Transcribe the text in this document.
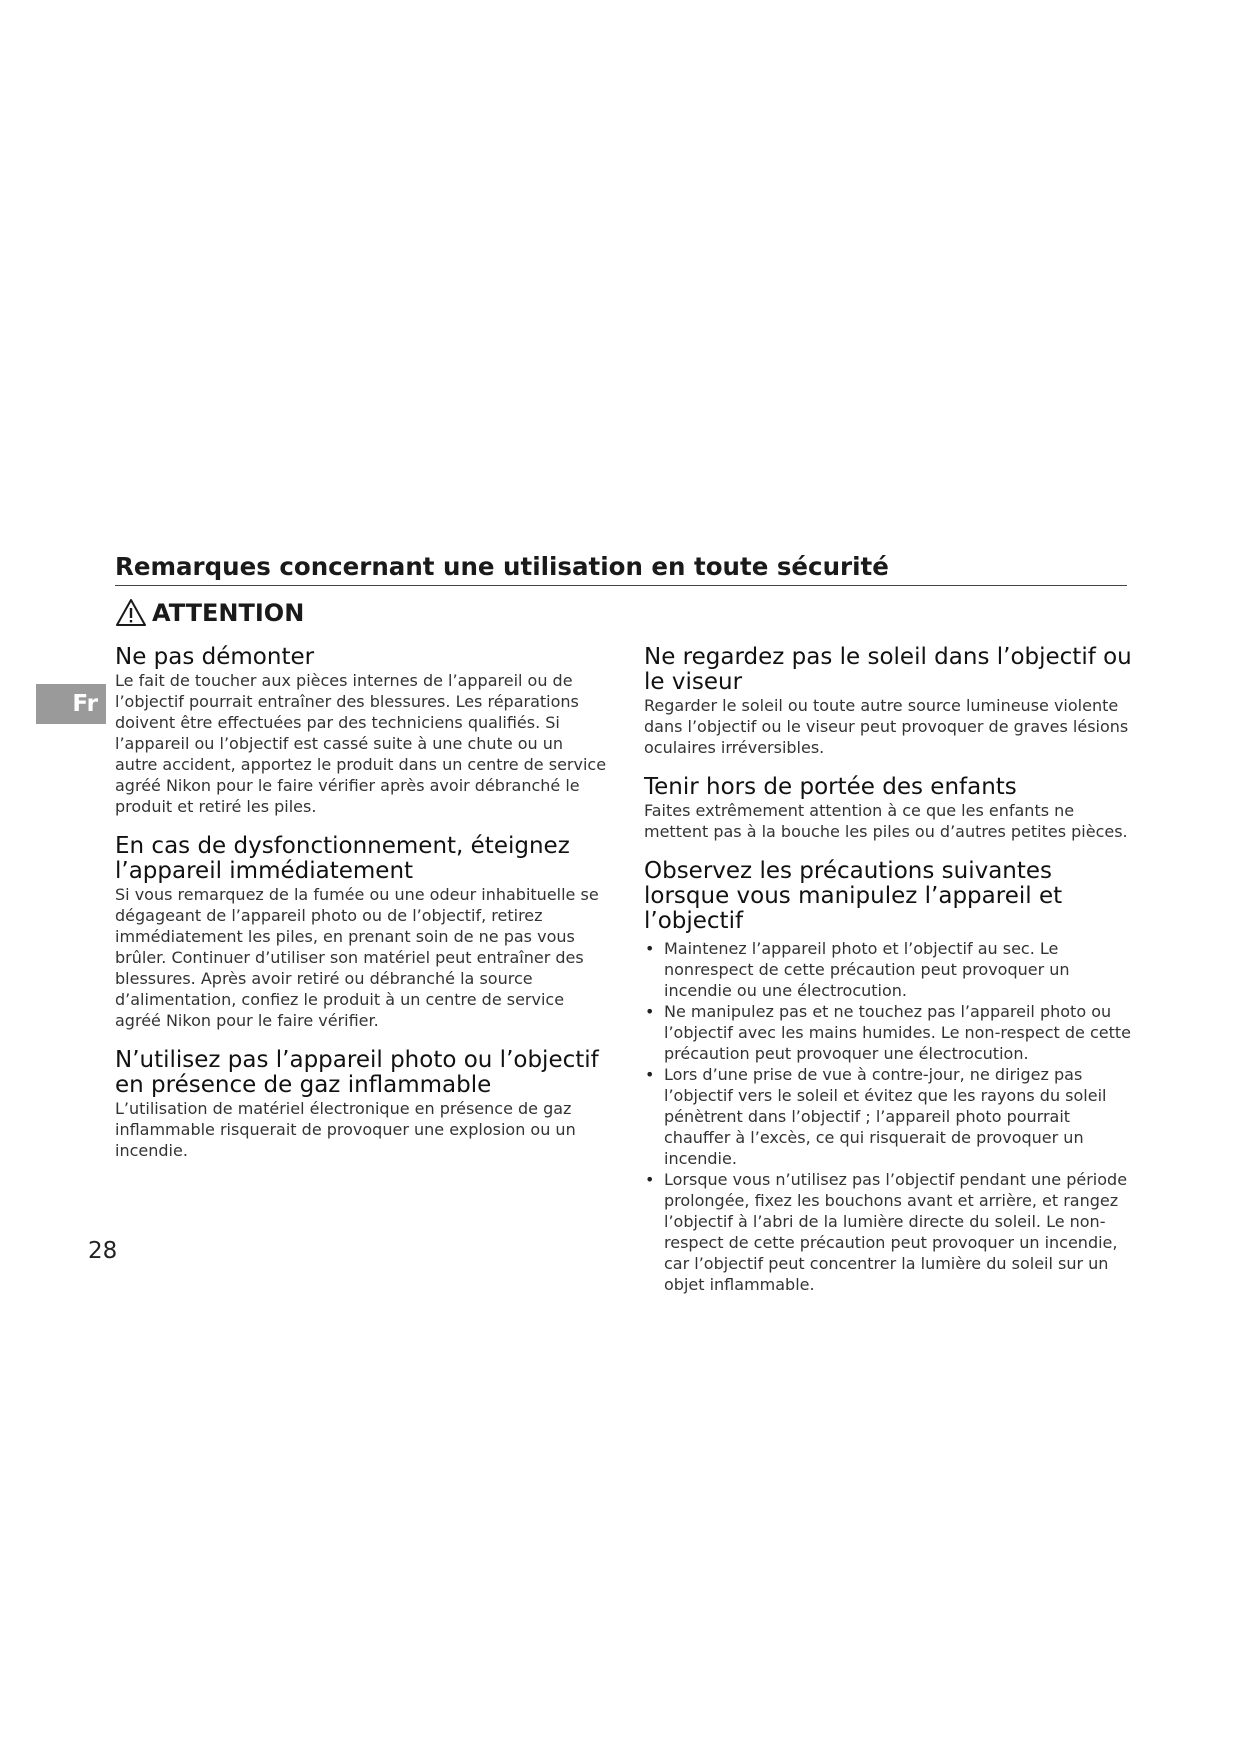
Remarques concernant une utilisation en toute sécurité
ATTENTION
Fr
Ne pas démonter

Le fait de toucher aux pièces internes de l’appareil ou de l’objectif pourrait entraîner des blessures. Les réparations doivent être effectuées par des techniciens qualifiés. Si l’appareil ou l’objectif est cassé suite à une chute ou un autre accident, apportez le produit dans un centre de service agréé Nikon pour le faire vérifier après avoir débranché le produit et retiré les piles.

En cas de dysfonctionnement, éteignez l’appareil immédiatement

Si vous remarquez de la fumée ou une odeur inhabituelle se dégageant de l’appareil photo ou de l’objectif, retirez immédiatement les piles, en prenant soin de ne pas vous brûler. Continuer d’utiliser son matériel peut entraîner des blessures. Après avoir retiré ou débranché la source d’alimentation, confiez le produit à un centre de service agréé Nikon pour le faire vérifier.

N’utilisez pas l’appareil photo ou l’objectif en présence de gaz inflammable

L’utilisation de matériel électronique en présence de gaz inflammable risquerait de provoquer une explosion ou un incendie.

Ne regardez pas le soleil dans l’objectif ou le viseur

Regarder le soleil ou toute autre source lumineuse violente dans l’objectif ou le viseur peut provoquer de graves lésions oculaires irréversibles.

Tenir hors de portée des enfants

Faites extrêmement attention à ce que les enfants ne mettent pas à la bouche les piles ou d’autres petites pièces.

Observez les précautions suivantes lorsque vous manipulez l’appareil et l’objectif
• Maintenez l’appareil photo et l’objectif au sec. Le nonrespect de cette précaution peut provoquer un incendie ou une électrocution.
• Ne manipulez pas et ne touchez pas l’appareil photo ou l’objectif avec les mains humides. Le non-respect de cette précaution peut provoquer une électrocution.
• Lors d’une prise de vue à contre-jour, ne dirigez pas l’objectif vers le soleil et évitez que les rayons du soleil pénètrent dans l’objectif ; l’appareil photo pourrait chauffer à l’excès, ce qui risquerait de provoquer un incendie.
• Lorsque vous n’utilisez pas l’objectif pendant une période prolongée, fixez les bouchons avant et arrière, et rangez l’objectif à l’abri de la lumière directe du soleil. Le non-respect de cette précaution peut provoquer un incendie, car l’objectif peut concentrer la lumière du soleil sur un objet inflammable.
28
